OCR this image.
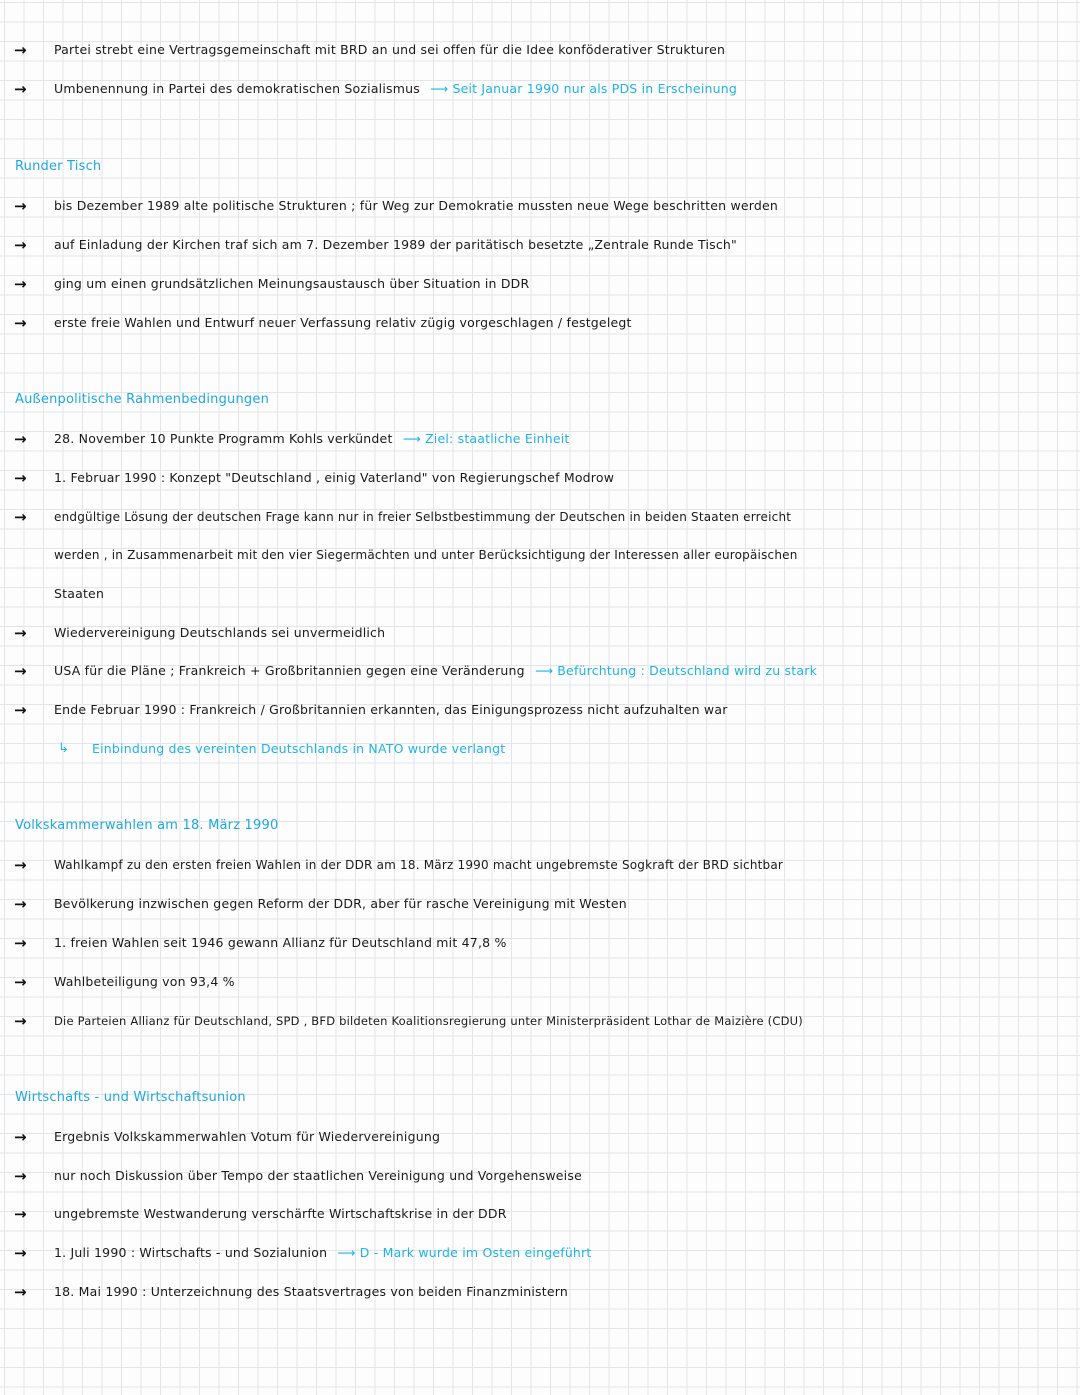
→ Partei strebt eine Vertragsgemeinschaft mit BRD an und sei offen für die Idee konföderativer Strukturen
→ Umbenennung in Partei des demokratischen Sozialismus ⟶ Seit Januar 1990 nur als PDS in Erscheinung
Runder Tisch
→ bis Dezember 1989 alte politische Strukturen ; für Weg zur Demokratie mussten neue Wege beschritten werden
→ auf Einladung der Kirchen traf sich am 7. Dezember 1989 der paritätisch besetzte „Zentrale Runde Tisch"
→ ging um einen grundsätzlichen Meinungsaustausch über Situation in DDR
→ erste freie Wahlen und Entwurf neuer Verfassung relativ zügig vorgeschlagen / festgelegt
Außenpolitische Rahmenbedingungen
→ 28. November 10 Punkte Programm Kohls verkündet ⟶ Ziel: staatliche Einheit
→ 1. Februar 1990 : Konzept "Deutschland , einig Vaterland" von Regierungschef Modrow
→ endgültige Lösung der deutschen Frage kann nur in freier Selbstbestimmung der Deutschen in beiden Staaten erreicht
werden , in Zusammenarbeit mit den vier Siegermächten und unter Berücksichtigung der Interessen aller europäischen
Staaten
→ Wiedervereinigung Deutschlands sei unvermeidlich
→ USA für die Pläne ; Frankreich + Großbritannien gegen eine Veränderung ⟶ Befürchtung : Deutschland wird zu stark
→ Ende Februar 1990 : Frankreich / Großbritannien erkannten, das Einigungsprozess nicht aufzuhalten war
↳ Einbindung des vereinten Deutschlands in NATO wurde verlangt
Volkskammerwahlen am 18. März 1990
→ Wahlkampf zu den ersten freien Wahlen in der DDR am 18. März 1990 macht ungebremste Sogkraft der BRD sichtbar
→ Bevölkerung inzwischen gegen Reform der DDR, aber für rasche Vereinigung mit Westen
→ 1. freien Wahlen seit 1946 gewann Allianz für Deutschland mit 47,8 %
→ Wahlbeteiligung von 93,4 %
→ Die Parteien Allianz für Deutschland, SPD , BFD bildeten Koalitionsregierung unter Ministerpräsident Lothar de Maizière (CDU)
Wirtschafts - und Wirtschaftsunion
→ Ergebnis Volkskammerwahlen Votum für Wiedervereinigung
→ nur noch Diskussion über Tempo der staatlichen Vereinigung und Vorgehensweise
→ ungebremste Westwanderung verschärfte Wirtschaftskrise in der DDR
→ 1. Juli 1990 : Wirtschafts - und Sozialunion ⟶ D - Mark wurde im Osten eingeführt
→ 18. Mai 1990 : Unterzeichnung des Staatsvertrages von beiden Finanzministern
